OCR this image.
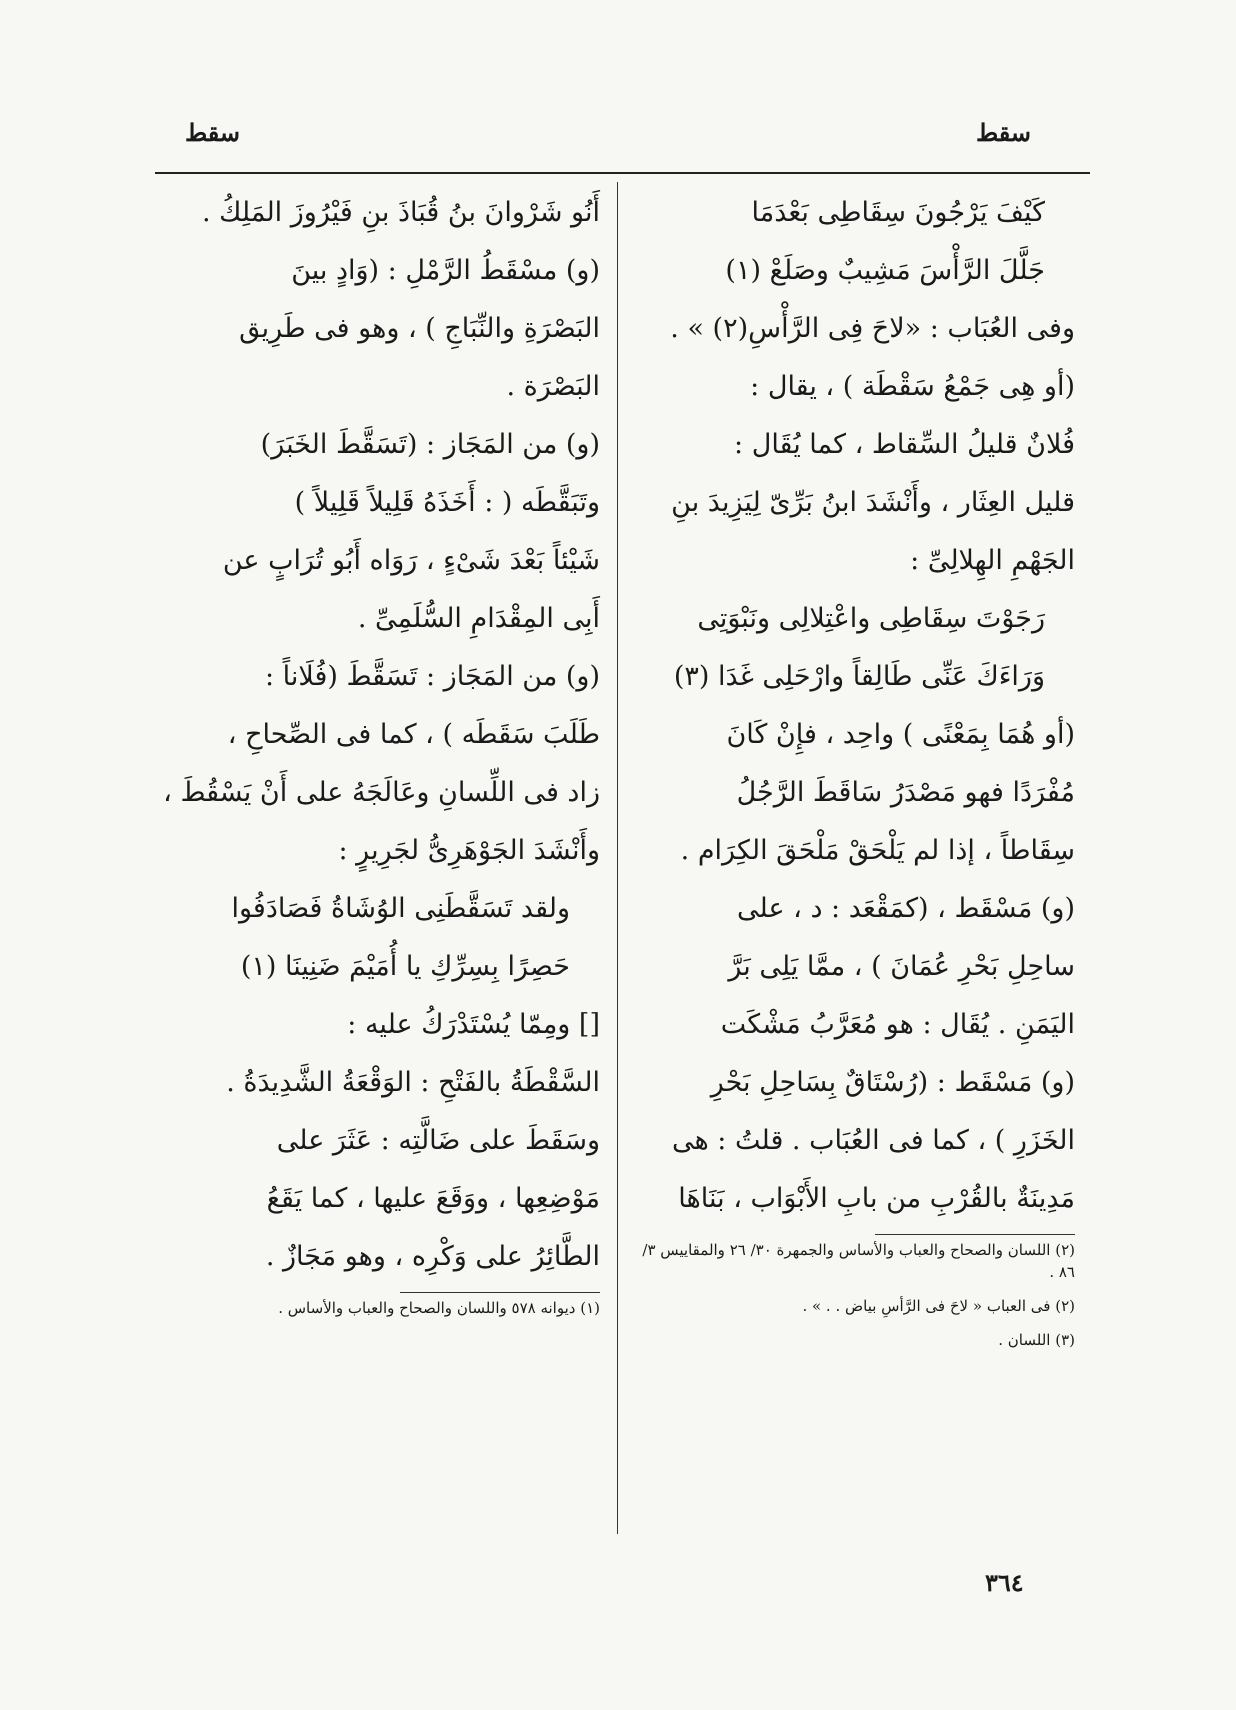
سقط
سقط

كَيْفَ يَرْجُونَ سِقَاطِى بَعْدَمَا

جَلَّلَ الرَّأْسَ مَشِيبٌ وصَلَعْ (١)

وفى العُبَاب : «لاحَ فِى الرَّأْسِ(٢) » .

(أو هِى جَمْعُ سَقْطَة ) ، يقال :

فُلانٌ قليلُ السِّقاط ، كما يُقَال :

قليل العِثَار ، وأَنْشَدَ ابنُ بَرِّىّ لِيَزِيدَ بنِ

الجَهْمِ الهِلالِىِّ :

رَجَوْتَ سِقَاطِى واعْتِلالِى ونَبْوَتِى

وَرَاءَكَ عَنِّى طَالِقاً وارْحَلِى غَدَا (٣)

(أو هُمَا بِمَعْنًى ) واحِد ، فإِنْ كَانَ

مُفْرَدًا فهو مَصْدَرُ سَاقَطَ الرَّجُلُ

سِقَاطاً ، إذا لم يَلْحَقْ مَلْحَقَ الكِرَام .

(و) مَسْقَط ، (كمَقْعَد : د ، على

ساحِلِ بَحْرِ عُمَانَ ) ، ممَّا يَلِى بَرَّ

اليَمَنِ . يُقَال : هو مُعَرَّبُ مَشْكَت

(و) مَسْقَط : (رُسْتَاقٌ بِسَاحِلِ بَحْرِ

الخَزَرِ ) ، كما فى العُبَاب . قلتُ : هى

مَدِينَةٌ بالقُرْبِ من بابِ الأَبْوَاب ، بَنَاهَا

(٢) اللسان والصحاح والعباب والأساس والجمهرة ٣٠/ ٢٦ والمقاييس ٣/ ٨٦ .

(٢) فى العباب « لاحَ فى الرَّأسِ بياض . . » .

(٣) اللسان .

أَنُو شَرْوانَ بنُ قُبَاذَ بنِ فَيْرُوزَ المَلِكُ .

(و) مسْقَطُ الرَّمْلِ : (وَادٍ بينَ

البَصْرَةِ والنِّبَاجِ ) ، وهو فى طَرِيق

البَصْرَة .

(و) من المَجَاز : (تَسَقَّطَ الخَبَرَ)

وتَبَقَّطَه ( : أَخَذَهُ قَلِيلاً قَلِيلاً )

شَيْئاً بَعْدَ شَىْءٍ ، رَوَاه أَبُو تُرَابٍ عن

أَبِى المِقْدَامِ السُّلَمِىِّ .

(و) من المَجَاز : تَسَقَّطَ (فُلَاناً :

طَلَبَ سَقَطَه ) ، كما فى الصِّحاحِ ،

زاد فى اللِّسانِ وعَالَجَهُ على أَنْ يَسْقُطَ ،

وأَنْشَدَ الجَوْهَرِىُّ لجَرِيرٍ :

ولقد تَسَقَّطَنِى الوُشَاةُ فَصَادَفُوا

حَصِرًا بِسِرِّكِ يا أُمَيْمَ ضَنِينَا (١)

[] ومِمّا يُسْتَدْرَكُ عليه :

السَّقْطَةُ بالفَتْحِ : الوَقْعَةُ الشَّدِيدَةُ .

وسَقَطَ على ضَالَّتِه : عَثَرَ على

مَوْضِعِها ، ووَقَعَ عليها ، كما يَقَعُ

الطَّائِرُ على وَكْرِه ، وهو مَجَازٌ .

(١) ديوانه ٥٧٨ واللسان والصحاح والعباب والأساس .

٣٦٤
